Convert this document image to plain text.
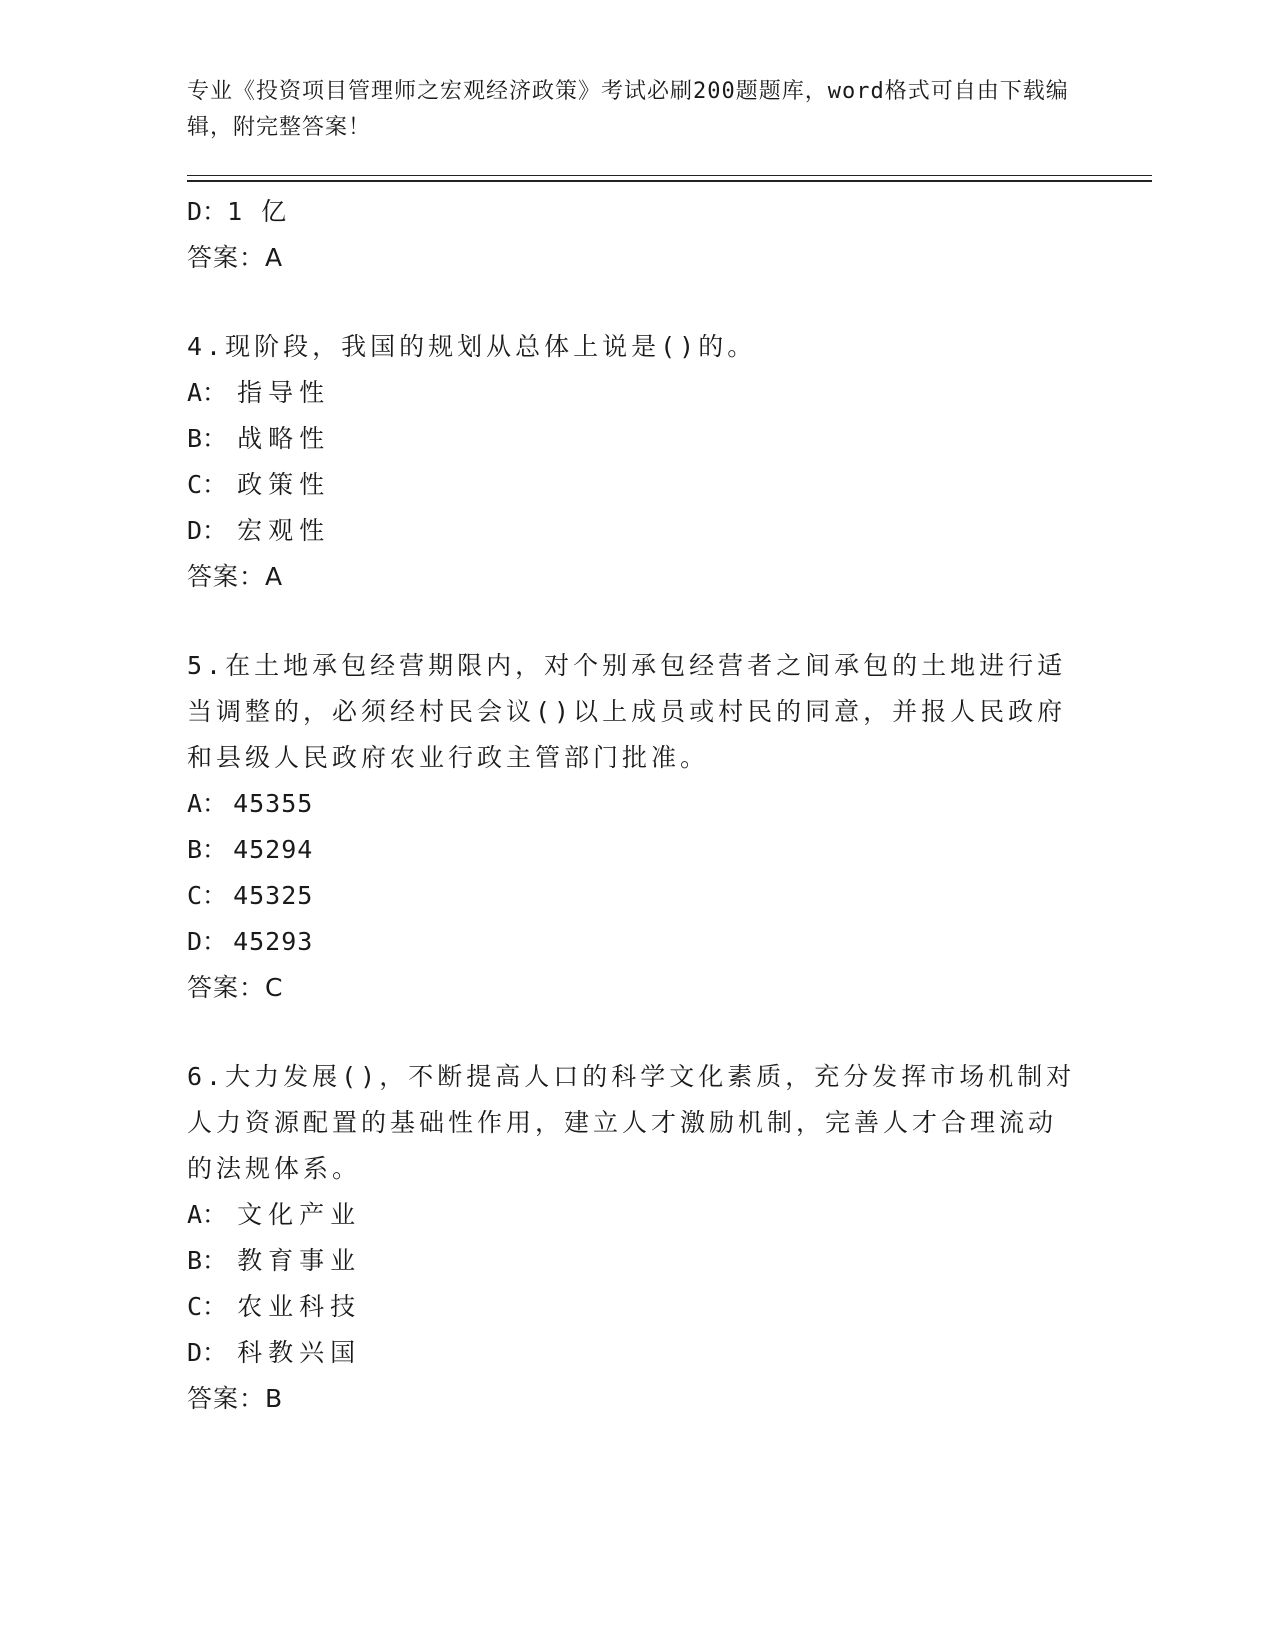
专业《投资项目管理师之宏观经济政策》考试必刷200题题库，word格式可自由下载编辑，附完整答案！
D：1 亿
答案：A
4.现阶段，我国的规划从总体上说是()的。
A： 指导性
B： 战略性
C： 政策性
D： 宏观性
答案：A
5.在土地承包经营期限内，对个别承包经营者之间承包的土地进行适
当调整的，必须经村民会议()以上成员或村民的同意，并报人民政府
和县级人民政府农业行政主管部门批准。
A： 45355
B： 45294
C： 45325
D： 45293
答案：C
6.大力发展()，不断提高人口的科学文化素质，充分发挥市场机制对
人力资源配置的基础性作用，建立人才激励机制，完善人才合理流动
的法规体系。
A： 文化产业
B： 教育事业
C： 农业科技
D： 科教兴国
答案：B
